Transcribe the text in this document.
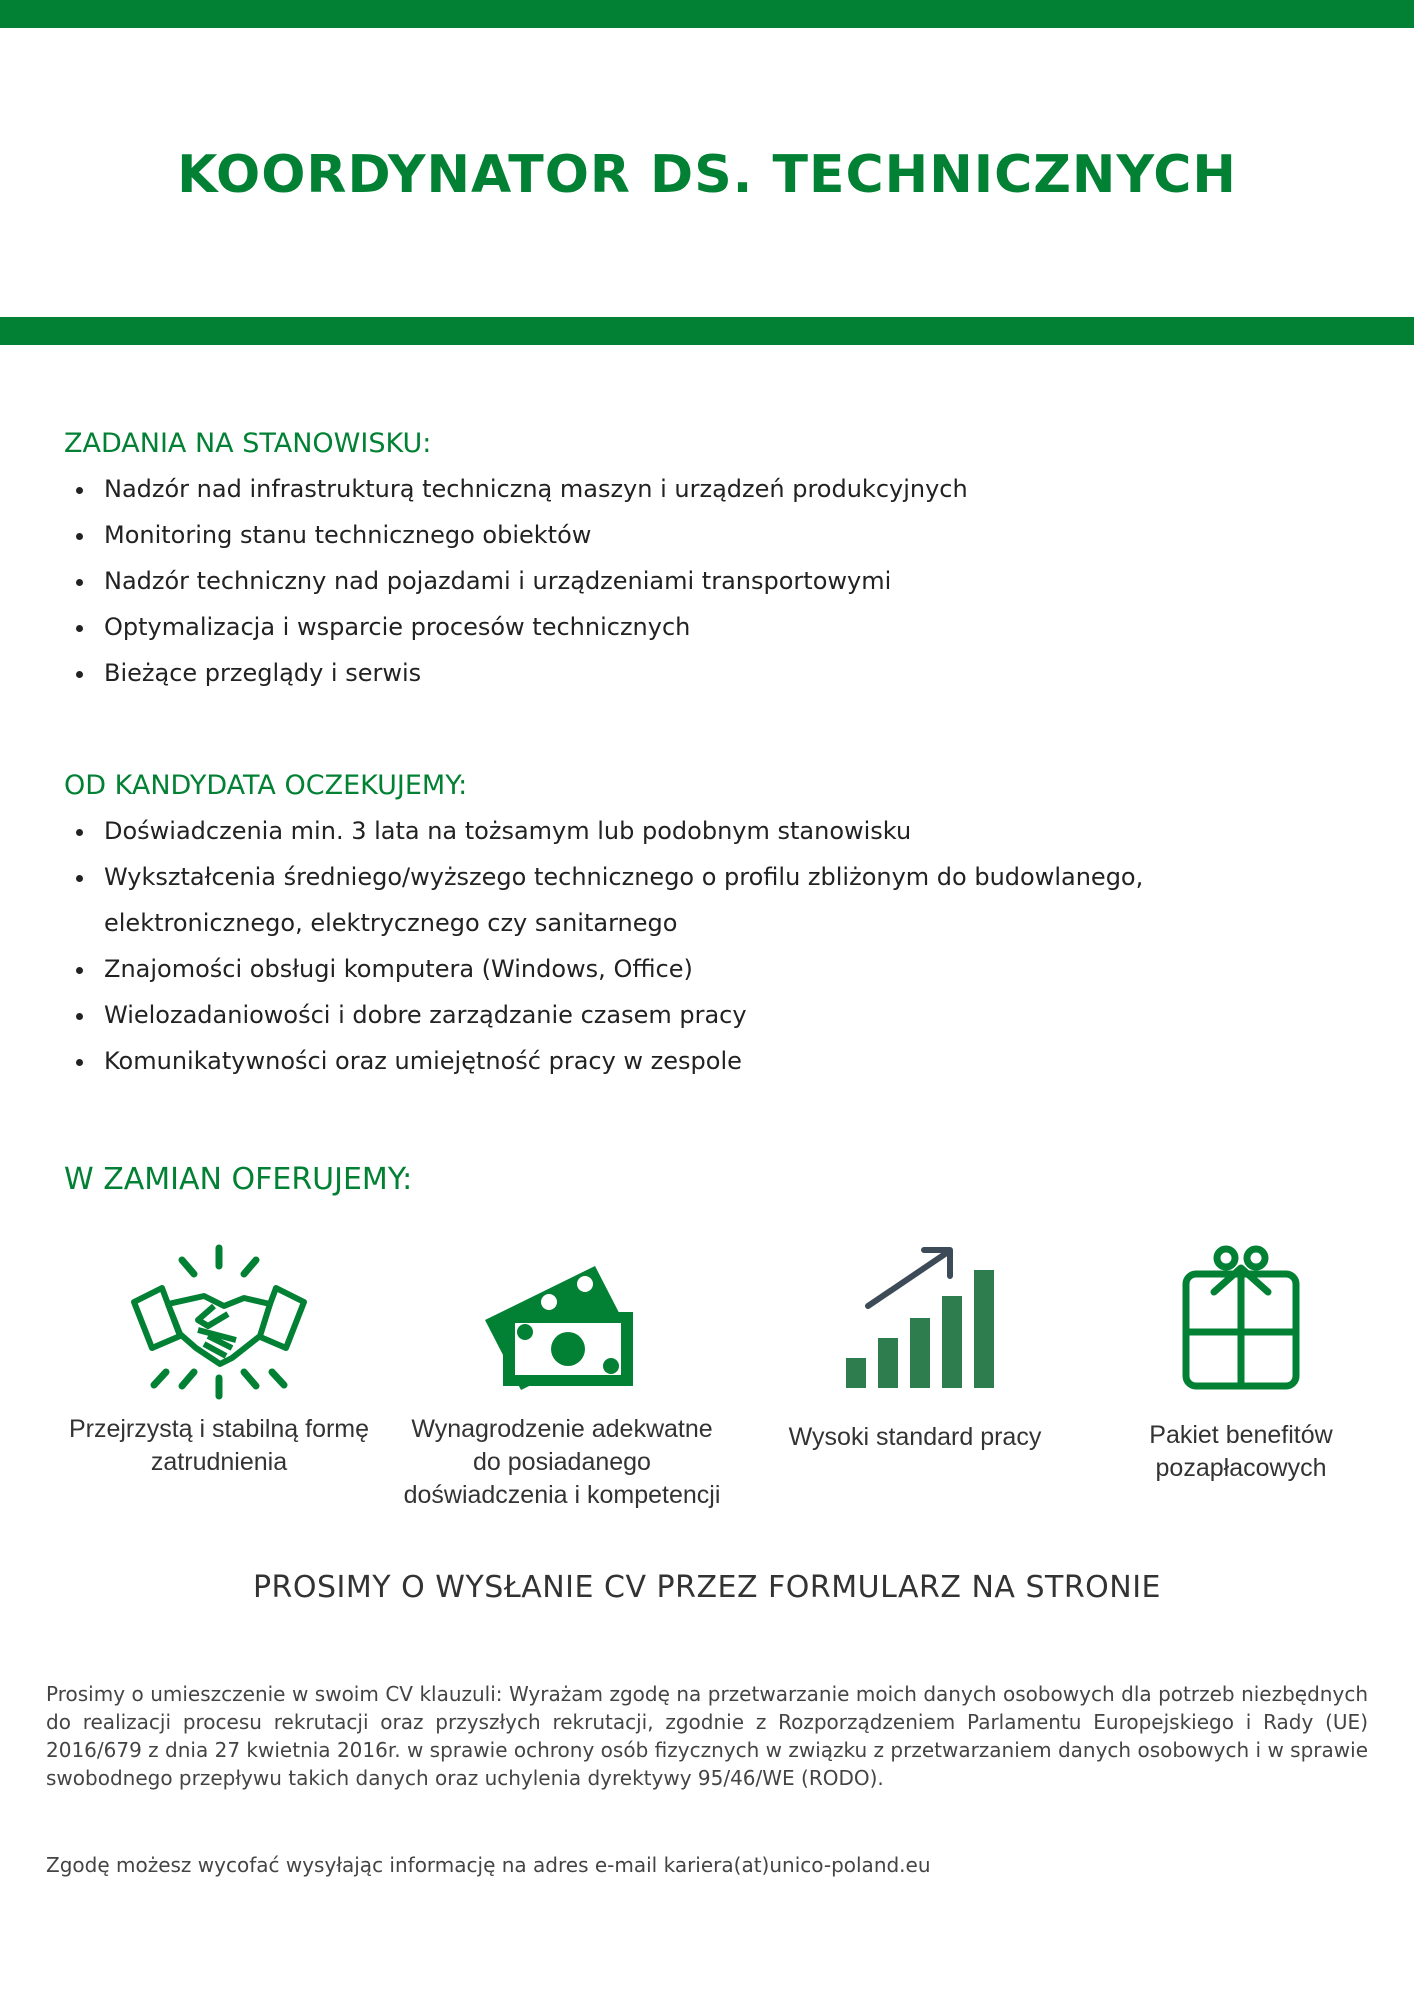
KOORDYNATOR DS. TECHNICZNYCH
ZADANIA NA STANOWISKU:
Nadzór nad infrastrukturą techniczną maszyn i urządzeń produkcyjnych
Monitoring stanu technicznego obiektów
Nadzór techniczny nad pojazdami i urządzeniami transportowymi
Optymalizacja i wsparcie procesów technicznych
Bieżące przeglądy i serwis
OD KANDYDATA OCZEKUJEMY:
Doświadczenia min. 3 lata na tożsamym lub podobnym stanowisku
Wykształcenia średniego/wyższego technicznego o profilu zbliżonym do budowlanego, elektronicznego, elektrycznego czy sanitarnego
Znajomości obsługi komputera (Windows, Office)
Wielozadaniowości i dobre zarządzanie czasem pracy
Komunikatywności oraz umiejętność pracy w zespole
W ZAMIAN OFERUJEMY:
Przejrzystą i stabilną formę
zatrudnienia
Wynagrodzenie adekwatne
do posiadanego
doświadczenia i kompetencji
Wysoki standard pracy	Pakiet benefitów
pozapłacowych
PROSIMY O WYSŁANIE CV PRZEZ FORMULARZ NA STRONIE

Prosimy o umieszczenie w swoim CV klauzuli: Wyrażam zgodę na przetwarzanie moich danych osobowych dla potrzeb niezbędnych do realizacji procesu rekrutacji oraz przyszłych rekrutacji, zgodnie z Rozporządzeniem Parlamentu Europejskiego i Rady (UE) 2016/679 z dnia 27 kwietnia 2016r. w sprawie ochrony osób fizycznych w związku z przetwarzaniem danych osobowych i w sprawie swobodnego przepływu takich danych oraz uchylenia dyrektywy 95/46/WE (RODO).

Zgodę możesz wycofać wysyłając informację na adres e-mail kariera(at)unico-poland.eu
